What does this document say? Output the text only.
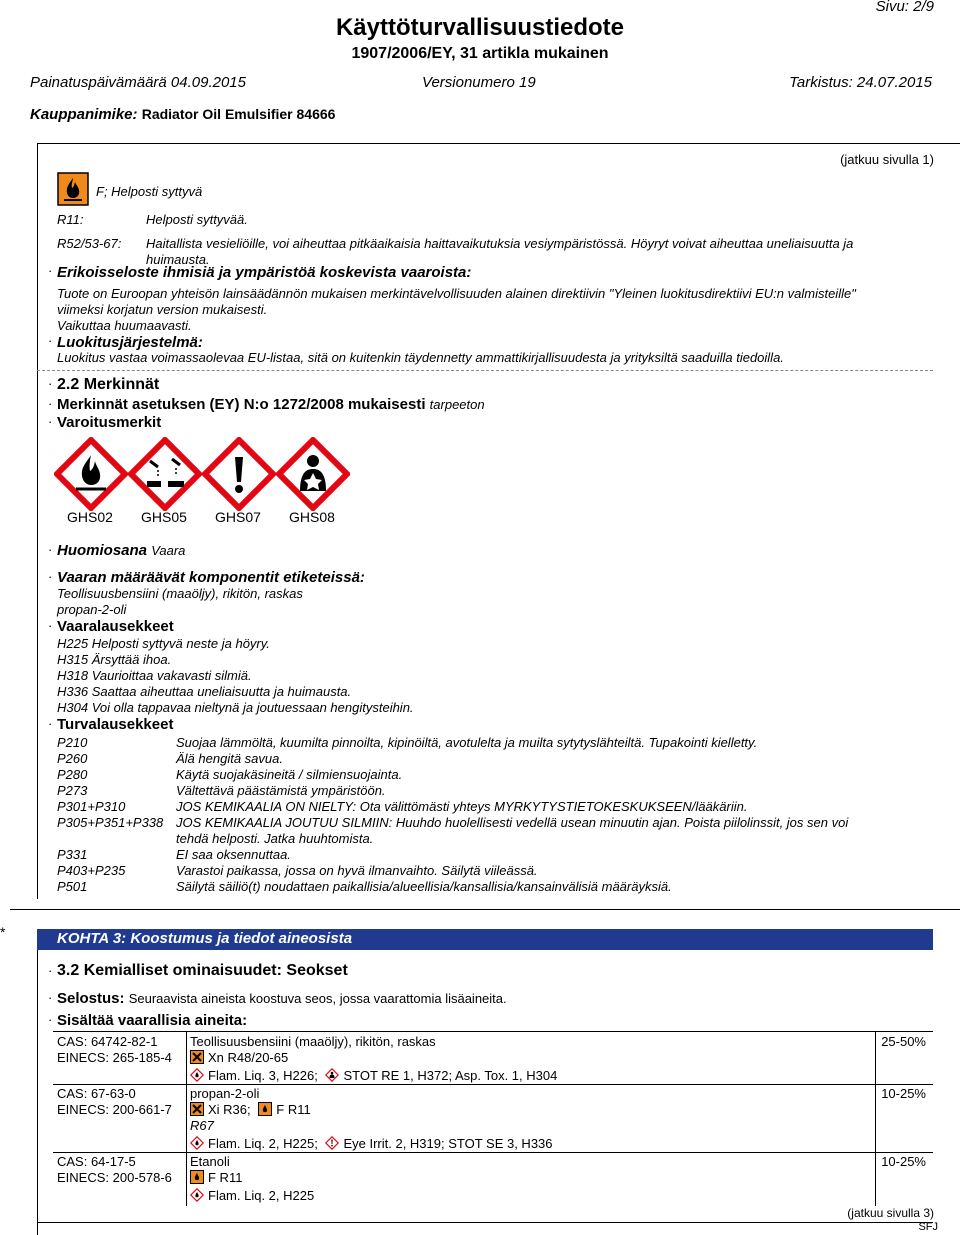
Käyttöturvallisuustiedote
1907/2006/EY, 31 artikla mukainen
Sivu: 2/9
Painatuspäivämäärä 04.09.2015	Versionumero 19	Tarkistus: 24.07.2015
Kauppanimike: Radiator Oil Emulsifier 84666
(jatkuu sivulla 1)
F; Helposti syttyvä
R11:	Helposti syttyvää.
R52/53-67: Haitallista vesieliöille, voi aiheuttaa pitkäaikaisia haittavaikutuksia vesiympäristössä. Höyryt voivat aiheuttaa uneliaisuutta ja
huimausta.
· Erikoisseloste ihmisiä ja ympäristöä koskevista vaaroista:
Tuote on Euroopan yhteisön lainsäädännön mukaisen merkintävelvollisuuden alainen direktiivin "Yleinen luokitusdirektiivi EU:n valmisteille"
viimeksi korjatun version mukaisesti.
Vaikuttaa huumaavasti.
· Luokitusjärjestelmä:
Luokitus vastaa voimassaolevaa EU-listaa, sitä on kuitenkin täydennetty ammattikirjallisuudesta ja yrityksiltä saaduilla tiedoilla.
· 2.2 Merkinnät
· Merkinnät asetuksen (EY) N:o 1272/2008 mukaisesti tarpeeton
· Varoitusmerkit
GHS02 GHS05 GHS07 GHS08
· Huomiosana Vaara
· Vaaran määräävät komponentit etiketeissä:
Teollisuusbensiini (maaöljy), rikitön, raskas
propan-2-oli
· Vaaralausekkeet
H225 Helposti syttyvä neste ja höyry.
H315 Ärsyttää ihoa.
H318 Vaurioittaa vakavasti silmiä.
H336 Saattaa aiheuttaa uneliaisuutta ja huimausta.
H304 Voi olla tappavaa nieltynä ja joutuessaan hengitysteihin.
· Turvalausekkeet
P210	Suojaa lämmöltä, kuumilta pinnoilta, kipinöiltä, avotulelta ja muilta sytytyslähteiltä. Tupakointi kielletty.
P260	Älä hengitä savua.
P280	Käytä suojakäsineitä / silmiensuojainta.
P273	Vältettävä päästämistä ympäristöön.
P301+P310	JOS KEMIKAALIA ON NIELTY: Ota välittömästi yhteys MYRKYTYSTIETOKESKUKSEEN/lääkäriin.
P305+P351+P338 JOS KEMIKAALIA JOUTUU SILMIIN: Huuhdo huolellisesti vedellä usean minuutin ajan. Poista piilolinssit, jos sen voi
tehdä helposti. Jatka huuhtomista.
P331	EI saa oksennuttaa.
P403+P235	Varastoi paikassa, jossa on hyvä ilmanvaihto. Säilytä viileässä.
P501	Säilytä säiliö(t) noudattaen paikallisia/alueellisia/kansallisia/kansainvälisiä määräyksiä.
*	KOHTA 3: Koostumus ja tiedot aineosista
· 3.2 Kemialliset ominaisuudet: Seokset
· Selostus: Seuraavista aineista koostuva seos, jossa vaarattomia lisäaineita.
· Sisältää vaarallisia aineita:
CAS: 64742-82-1
EINECS: 265-185-4
Teollisuusbensiini (maaöljy), rikitön, raskas	25-50%
Xn R48/20-65
Flam. Liq. 3, H226; STOT RE 1, H372; Asp. Tox. 1, H304
CAS: 67-63-0
EINECS: 200-661-7
propan-2-oli	10-25%
Xi R36; F R11
R67
Flam. Liq. 2, H225; Eye Irrit. 2, H319; STOT SE 3, H336
CAS: 64-17-5
EINECS: 200-578-6
Etanoli	10-25%
F R11
Flam. Liq. 2, H225
(jatkuu sivulla 3)
SFJ
